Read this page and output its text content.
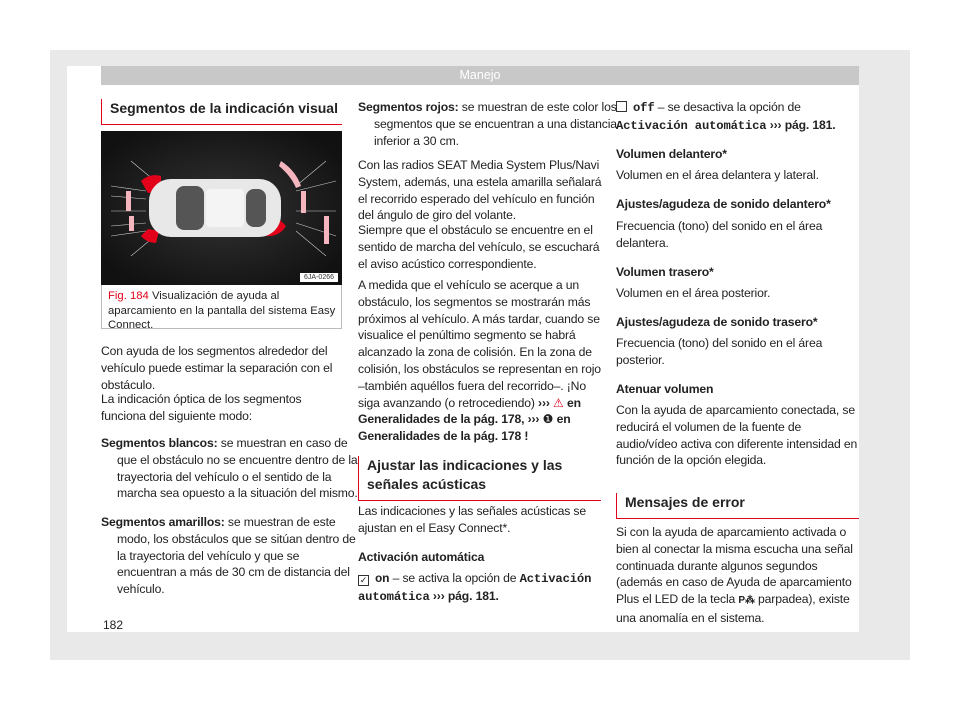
Manejo
Segmentos de la indicación visual
6JA-0266
Fig. 184 Visualización de ayuda al aparcamiento en la pantalla del sistema Easy Connect.
Con ayuda de los segmentos alrededor del vehículo puede estimar la separación con el obstáculo.
La indicación óptica de los segmentos funciona del siguiente modo:
Segmentos blancos: se muestran en caso de que el obstáculo no se encuentre dentro de la trayectoria del vehículo o el sentido de la marcha sea opuesto a la situación del mismo.
Segmentos amarillos: se muestran de este modo, los obstáculos que se sitúan dentro de la trayectoria del vehículo y que se encuentran a más de 30 cm de distancia del vehículo.
182
Segmentos rojos: se muestran de este color los segmentos que se encuentran a una distancia inferior a 30 cm.
Con las radios SEAT Media System Plus/Navi System, además, una estela amarilla señalará el recorrido esperado del vehículo en función del ángulo de giro del volante.
Siempre que el obstáculo se encuentre en el sentido de marcha del vehículo, se escuchará el aviso acústico correspondiente.
A medida que el vehículo se acerque a un obstáculo, los segmentos se mostrarán más próximos al vehículo. A más tardar, cuando se visualice el penúltimo segmento se habrá alcanzado la zona de colisión. En la zona de colisión, los obstáculos se representan en rojo –también aquéllos fuera del recorrido–. ¡No siga avanzando (o retrocediendo) ››› ⚠ en Generalidades de la pág. 178, ››› ❶ en Generalidades de la pág. 178 !
Ajustar las indicaciones y las señales acústicas
Las indicaciones y las señales acústicas se ajustan en el Easy Connect*.
Activación automática
✓ on – se activa la opción de Activación automática ››› pág. 181.
off – se desactiva la opción de Activación automática ››› pág. 181.
Volumen delantero*
Volumen en el área delantera y lateral.
Ajustes/agudeza de sonido delantero*
Frecuencia (tono) del sonido en el área delantera.
Volumen trasero*
Volumen en el área posterior.
Ajustes/agudeza de sonido trasero*
Frecuencia (tono) del sonido en el área posterior.
Atenuar volumen
Con la ayuda de aparcamiento conectada, se reducirá el volumen de la fuente de audio/vídeo activa con diferente intensidad en función de la opción elegida.
Mensajes de error
Si con la ayuda de aparcamiento activada o bien al conectar la misma escucha una señal continuada durante algunos segundos (además en caso de Ayuda de aparcamiento Plus el LED de la tecla P⁂ parpadea), existe una anomalía en el sistema.
